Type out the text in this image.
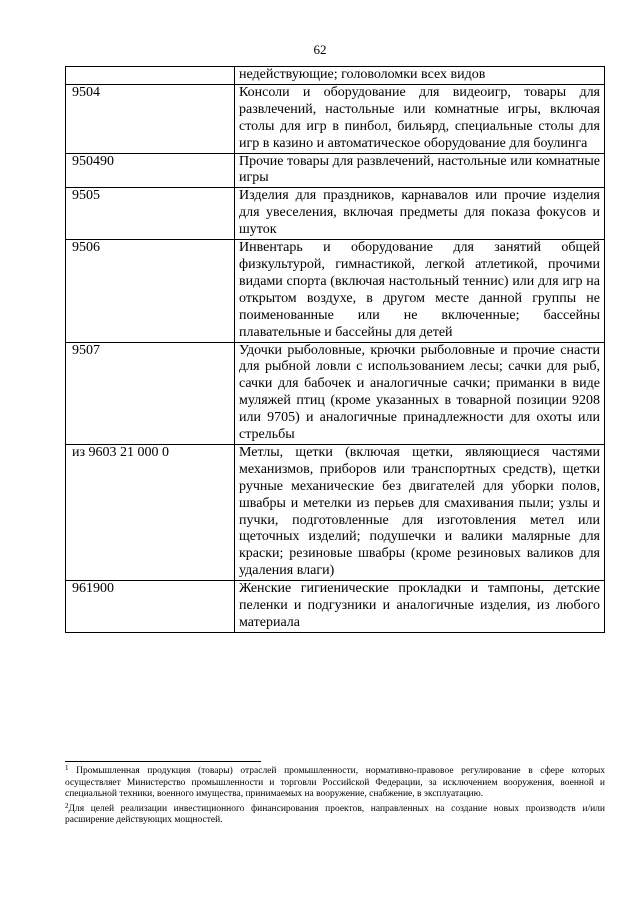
62
	недействующие; головоломки всех видов
9504	Консоли и оборудование для видеоигр, товары для развлечений, настольные или комнатные игры, включая столы для игр в пинбол, бильярд, специальные столы для игр в казино и автоматическое оборудование для боулинга
950490	Прочие товары для развлечений, настольные или комнатные игры
9505	Изделия для праздников, карнавалов или прочие изделия для увеселения, включая предметы для показа фокусов и шуток
9506	Инвентарь и оборудование для занятий общей физкультурой, гимнастикой, легкой атлетикой, прочими видами спорта (включая настольный теннис) или для игр на открытом воздухе, в другом месте данной группы не поименованные или не включенные; бассейны плавательные и бассейны для детей
9507	Удочки рыболовные, крючки рыболовные и прочие снасти для рыбной ловли с использованием лесы; сачки для рыб, сачки для бабочек и аналогичные сачки; приманки в виде муляжей птиц (кроме указанных в товарной позиции 9208 или 9705) и аналогичные принадлежности для охоты или стрельбы
из 9603 21 000 0	Метлы, щетки (включая щетки, являющиеся частями механизмов, приборов или транспортных средств), щетки ручные механические без двигателей для уборки полов, швабры и метелки из перьев для смахивания пыли; узлы и пучки, подготовленные для изготовления метел или щеточных изделий; подушечки и валики малярные для краски; резиновые швабры (кроме резиновых валиков для удаления влаги)
961900	Женские гигиенические прокладки и тампоны, детские пеленки и подгузники и аналогичные изделия, из любого материала

$^1$ Промышленная продукция (товары) отраслей промышленности, нормативно-правовое регулирование в сфере которых осуществляет Министерство промышленности и торговли Российской Федерации, за исключением вооружения, военной и специальной техники, военного имущества, принимаемых на вооружение, снабжение, в эксплуатацию.

$^2$Для целей реализации инвестиционного финансирования проектов, направленных на создание новых производств и/или расширение действующих мощностей.
